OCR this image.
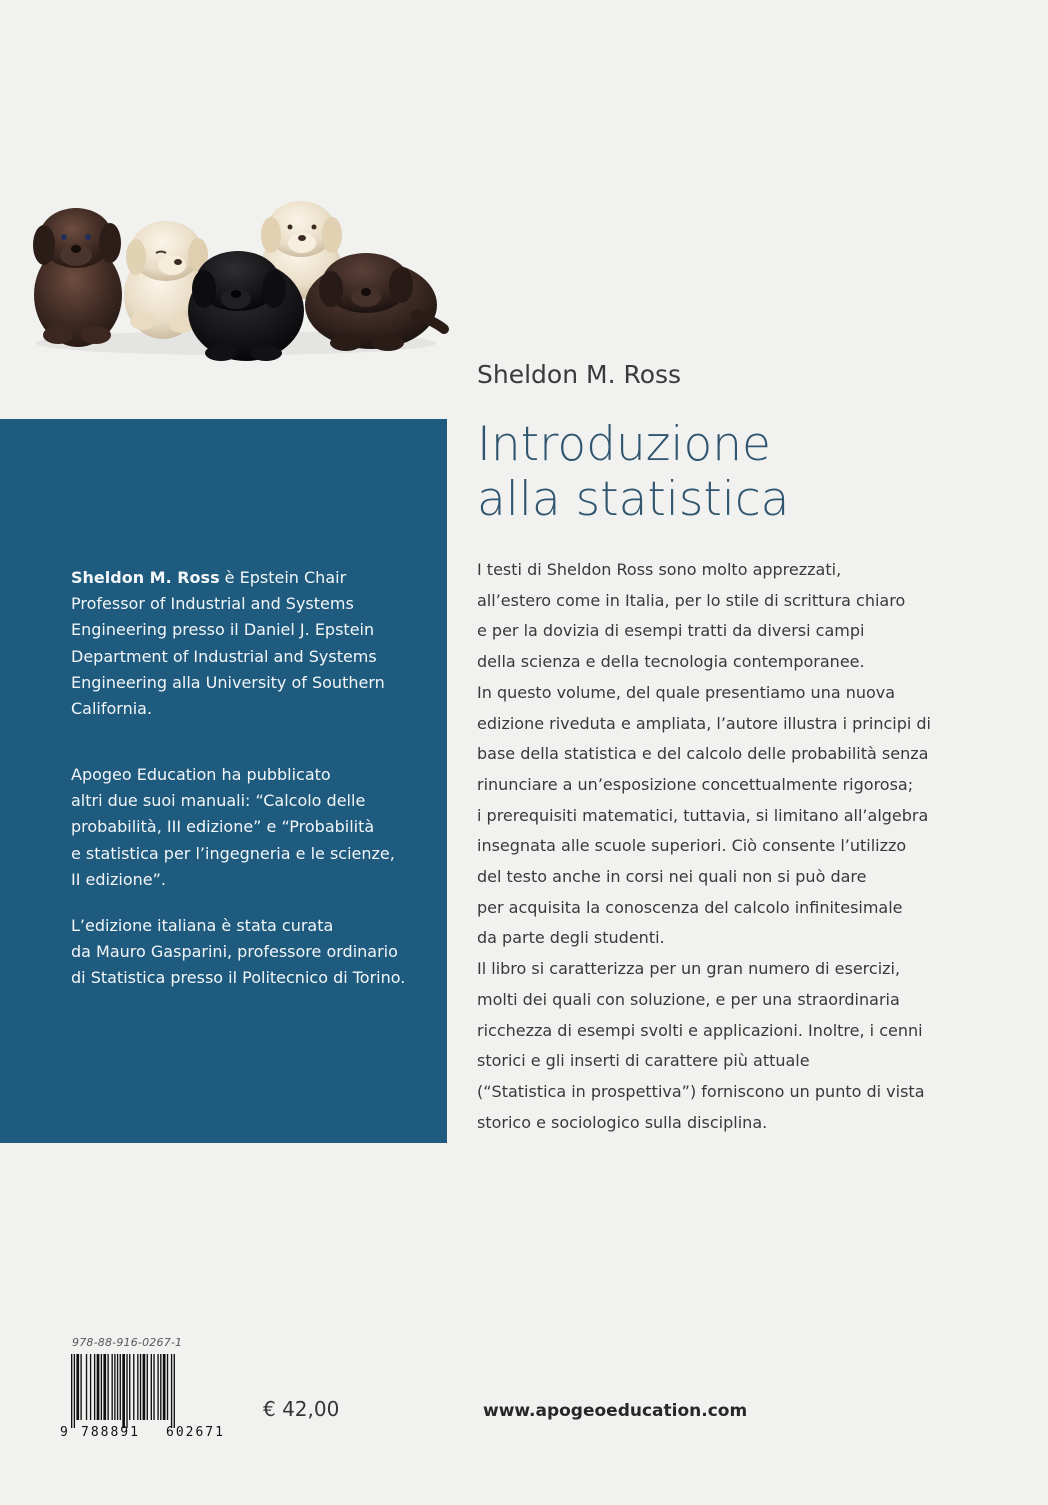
Sheldon M. Ross
Introduzione
alla statistica
Sheldon M. Ross è Epstein Chair
Professor of Industrial and Systems
Engineering presso il Daniel J. Epstein
Department of Industrial and Systems
Engineering alla University of Southern
California.
Apogeo Education ha pubblicato
altri due suoi manuali: “Calcolo delle
probabilità, III edizione” e “Probabilità
e statistica per l’ingegneria e le scienze,
II edizione”.
L’edizione italiana è stata curata
da Mauro Gasparini, professore ordinario
di Statistica presso il Politecnico di Torino.
I testi di Sheldon Ross sono molto apprezzati,
all’estero come in Italia, per lo stile di scrittura chiaro
e per la dovizia di esempi tratti da diversi campi
della scienza e della tecnologia contemporanee.
In questo volume, del quale presentiamo una nuova
edizione riveduta e ampliata, l’autore illustra i principi di
base della statistica e del calcolo delle probabilità senza
rinunciare a un’esposizione concettualmente rigorosa;
i prerequisiti matematici, tuttavia, si limitano all’algebra
insegnata alle scuole superiori. Ciò consente l’utilizzo
del testo anche in corsi nei quali non si può dare
per acquisita la conoscenza del calcolo infinitesimale
da parte degli studenti.
Il libro si caratterizza per un gran numero di esercizi,
molti dei quali con soluzione, e per una straordinaria
ricchezza di esempi svolti e applicazioni. Inoltre, i cenni
storici e gli inserti di carattere più attuale
(“Statistica in prospettiva”) forniscono un punto di vista
storico e sociologico sulla disciplina.
978-88-916-0267-1
9 788891 602671
€ 42,00	www.apogeoeducation.com
